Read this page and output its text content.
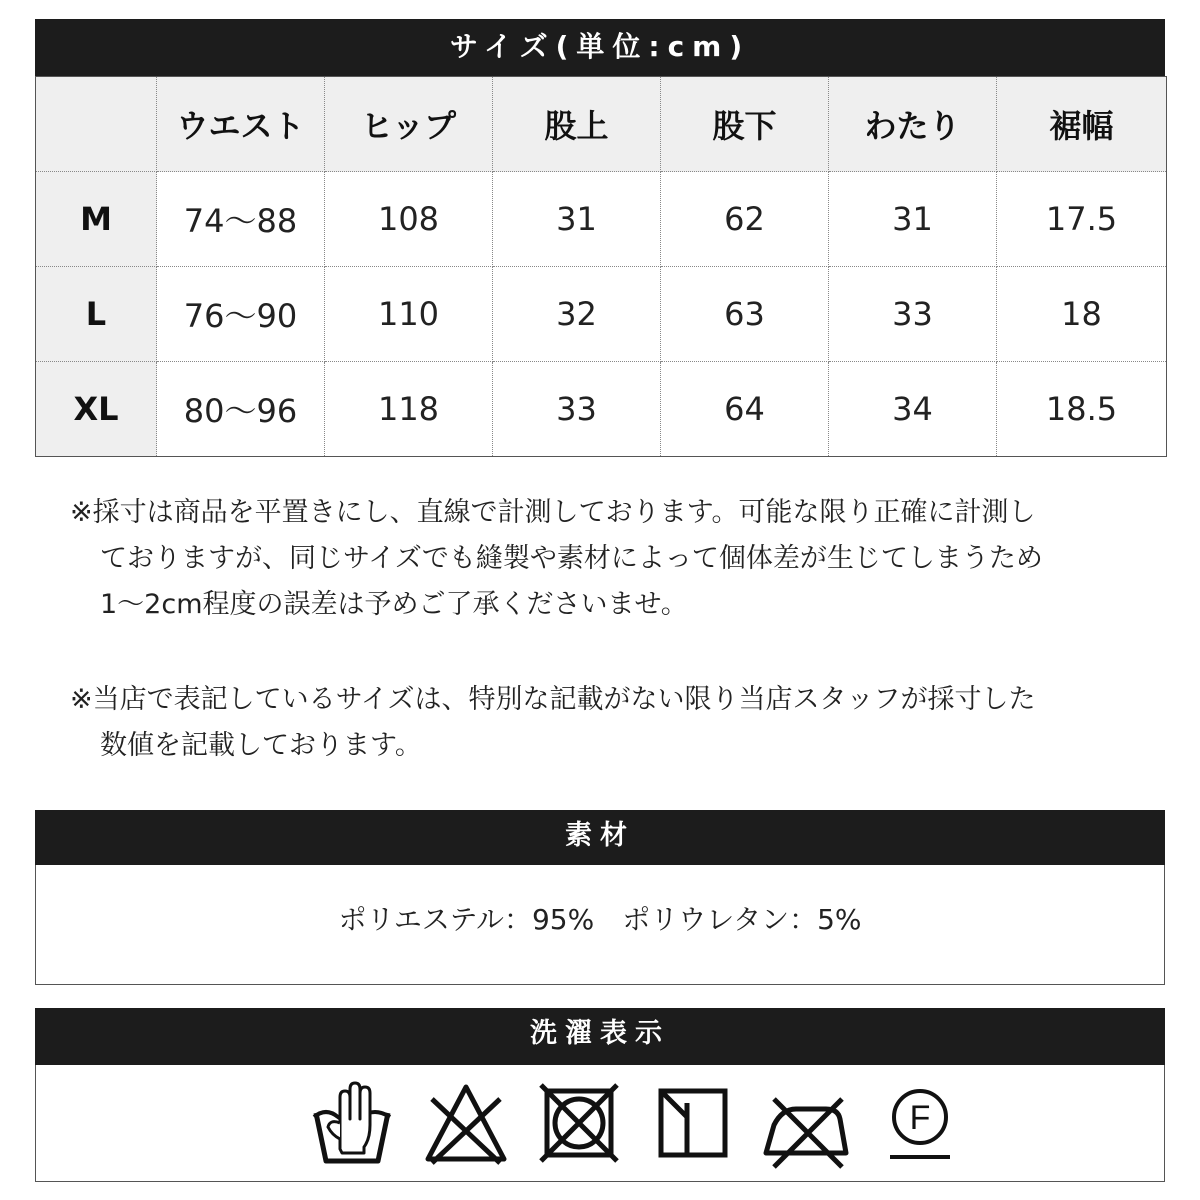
サイズ(単位:cm)
	ウエスト	ヒップ	股上	股下	わたり	裾幅
M	74〜88	108	31	62	31	17.5
L	76〜90	110	32	63	33	18
XL	80〜96	118	33	64	34	18.5
※採寸は商品を平置きにし、直線で計測しております。可能な限り正確に計測し
ておりますが、同じサイズでも縫製や素材によって個体差が生じてしまうため
1〜2cm程度の誤差は予めご了承くださいませ。
※当店で表記しているサイズは、特別な記載がない限り当店スタッフが採寸した
数値を記載しております。
素材
ポリエステル：95%　ポリウレタン：5%
洗濯表示
F
